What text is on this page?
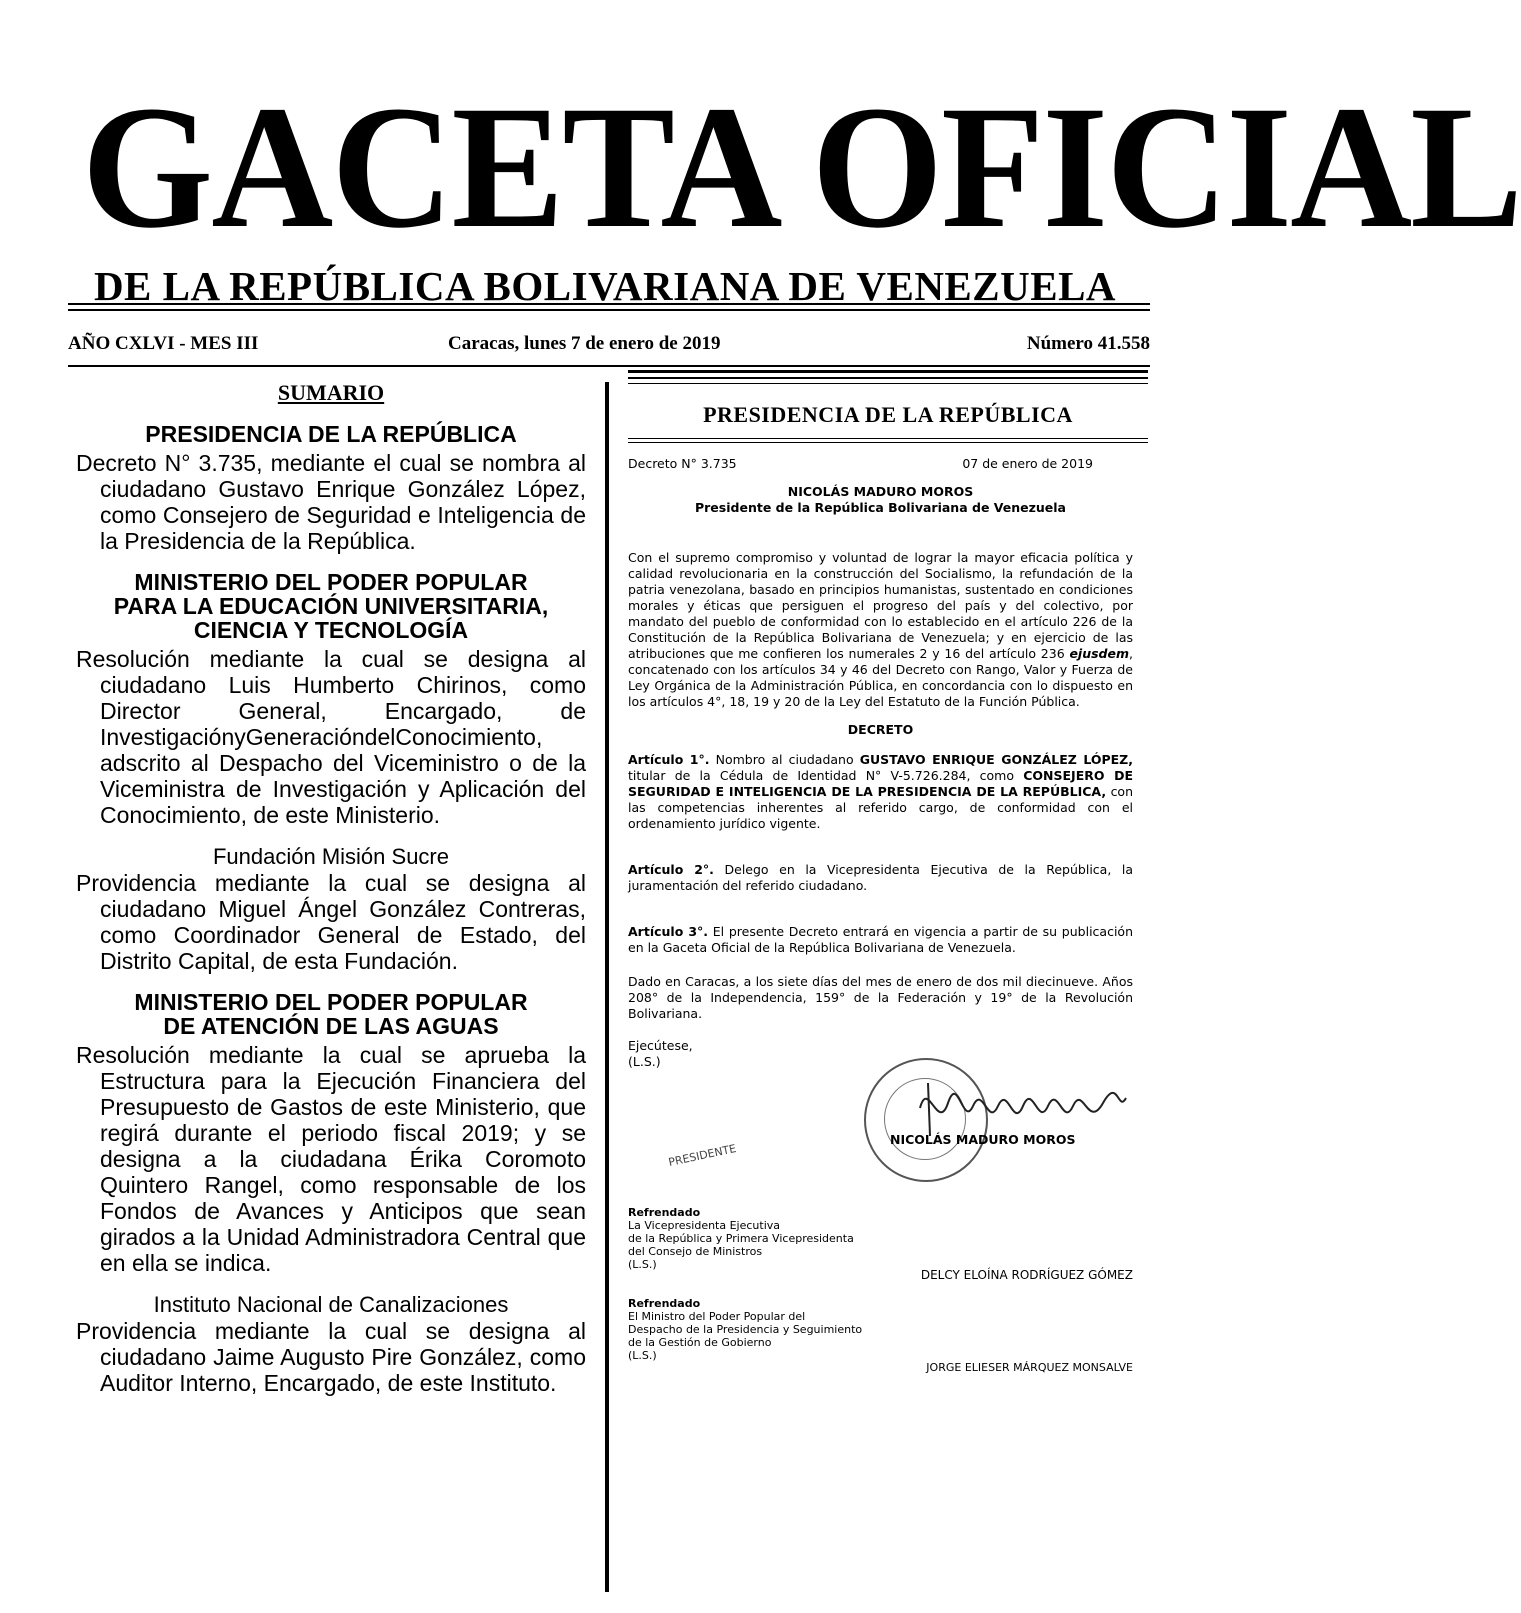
GACETA OFICIAL
DE LA REPÚBLICA BOLIVARIANA DE VENEZUELA
AÑO CXLVI - MES III	Caracas, lunes 7 de enero de 2019	Número 41.558
SUMARIO
PRESIDENCIA DE LA REPÚBLICA

Decreto N° 3.735, mediante el cual se nombra al ciudadano Gustavo Enrique González López, como Consejero de Seguridad e Inteligencia de la Presidencia de la República.

MINISTERIO DEL PODER POPULAR
PARA LA EDUCACIÓN UNIVERSITARIA,
CIENCIA Y TECNOLOGÍA

Resolución mediante la cual se designa al ciudadano Luis Humberto Chirinos, como Director General, Encargado, de InvestigaciónyGeneracióndelConocimiento, adscrito al Despacho del Viceministro o de la Viceministra de Investigación y Aplicación del Conocimiento, de este Ministerio.

Fundación Misión Sucre

Providencia mediante la cual se designa al ciudadano Miguel Ángel González Contreras, como Coordinador General de Estado, del Distrito Capital, de esta Fundación.

MINISTERIO DEL PODER POPULAR
DE ATENCIÓN DE LAS AGUAS

Resolución mediante la cual se aprueba la Estructura para la Ejecución Financiera del Presupuesto de Gastos de este Ministerio, que regirá durante el periodo fiscal 2019; y se designa a la ciudadana Érika Coromoto Quintero Rangel, como responsable de los Fondos de Avances y Anticipos que sean girados a la Unidad Administradora Central que en ella se indica.

Instituto Nacional de Canalizaciones

Providencia mediante la cual se designa al ciudadano Jaime Augusto Pire González, como Auditor Interno, Encargado, de este Instituto.

PRESIDENCIA DE LA REPÚBLICA
Decreto N° 3.735	07 de enero de 2019
NICOLÁS MADURO MOROS
Presidente de la República Bolivariana de Venezuela

Con el supremo compromiso y voluntad de lograr la mayor eficacia política y calidad revolucionaria en la construcción del Socialismo, la refundación de la patria venezolana, basado en principios humanistas, sustentado en condiciones morales y éticas que persiguen el progreso del país y del colectivo, por mandato del pueblo de conformidad con lo establecido en el artículo 226 de la Constitución de la República Bolivariana de Venezuela; y en ejercicio de las atribuciones que me confieren los numerales 2 y 16 del artículo 236 ejusdem, concatenado con los artículos 34 y 46 del Decreto con Rango, Valor y Fuerza de Ley Orgánica de la Administración Pública, en concordancia con lo dispuesto en los artículos 4°, 18, 19 y 20 de la Ley del Estatuto de la Función Pública.

DECRETO

Artículo 1°. Nombro al ciudadano GUSTAVO ENRIQUE GONZÁLEZ LÓPEZ, titular de la Cédula de Identidad N° V-5.726.284, como CONSEJERO DE SEGURIDAD E INTELIGENCIA DE LA PRESIDENCIA DE LA REPÚBLICA, con las competencias inherentes al referido cargo, de conformidad con el ordenamiento jurídico vigente.

Artículo 2°. Delego en la Vicepresidenta Ejecutiva de la República, la juramentación del referido ciudadano.

Artículo 3°. El presente Decreto entrará en vigencia a partir de su publicación en la Gaceta Oficial de la República Bolivariana de Venezuela.

Dado en Caracas, a los siete días del mes de enero de dos mil diecinueve. Años 208° de la Independencia, 159° de la Federación y 19° de la Revolución Bolivariana.

Ejecútese,
(L.S.)
PRESIDENTE
NICOLÁS MADURO MOROS

Refrendado

La Vicepresidenta Ejecutiva

de la República y Primera Vicepresidenta

del Consejo de Ministros

(L.S.)

DELCY ELOÍNA RODRÍGUEZ GÓMEZ

Refrendado

El Ministro del Poder Popular del

Despacho de la Presidencia y Seguimiento

de la Gestión de Gobierno

(L.S.)

JORGE ELIESER MÁRQUEZ MONSALVE
